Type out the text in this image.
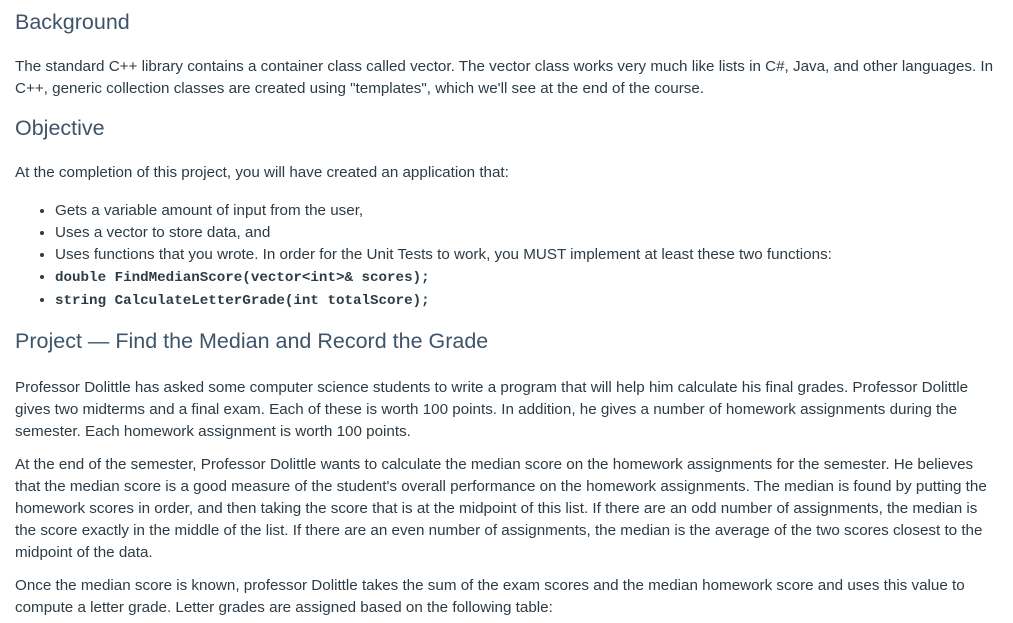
Background

The standard C++ library contains a container class called vector. The vector class works very much like lists in C#, Java, and other languages. In C++, generic collection classes are created using "templates", which we'll see at the end of the course.

Objective

At the completion of this project, you will have created an application that:

• Gets a variable amount of input from the user,
• Uses a vector to store data, and
• Uses functions that you wrote. In order for the Unit Tests to work, you MUST implement at least these two functions:
• double FindMedianScore(vector<int>& scores);
• string CalculateLetterGrade(int totalScore);
Project — Find the Median and Record the Grade

Professor Dolittle has asked some computer science students to write a program that will help him calculate his final grades. Professor Dolittle gives two midterms and a final exam. Each of these is worth 100 points. In addition, he gives a number of homework assignments during the semester. Each homework assignment is worth 100 points.

At the end of the semester, Professor Dolittle wants to calculate the median score on the homework assignments for the semester. He believes that the median score is a good measure of the student's overall performance on the homework assignments. The median is found by putting the homework scores in order, and then taking the score that is at the midpoint of this list. If there are an odd number of assignments, the median is the score exactly in the middle of the list. If there are an even number of assignments, the median is the average of the two scores closest to the midpoint of the data.

Once the median score is known, professor Dolittle takes the sum of the exam scores and the median homework score and uses this value to compute a letter grade. Letter grades are assigned based on the following table:
